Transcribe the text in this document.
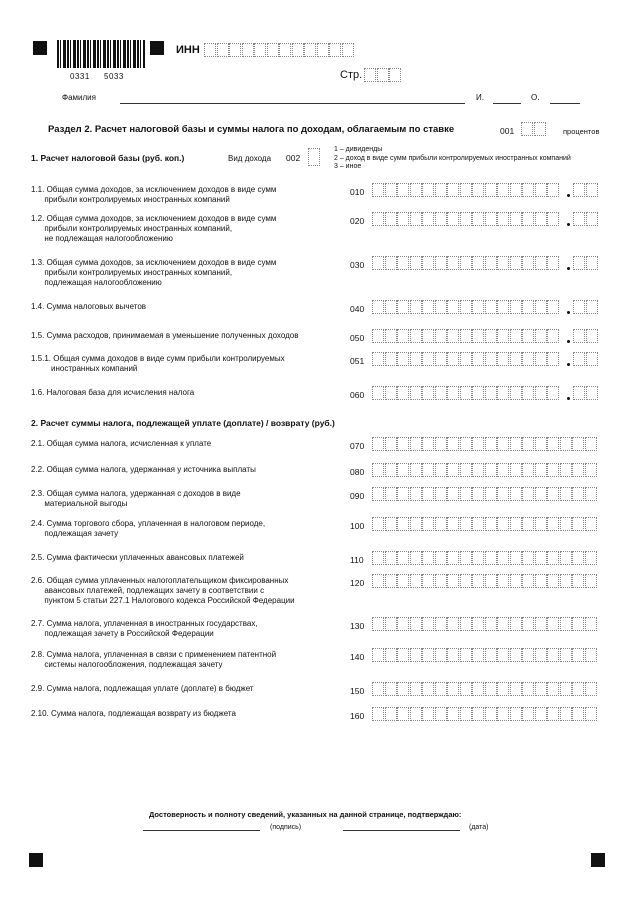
0331 5033
ИНН
Стр.
Фамилия	И.	О.
Раздел 2. Расчет налоговой базы и суммы налога по доходам, облагаемым по ставке	001	процентов
1. Расчет налоговой базы (руб. коп.)	Вид дохода 002
1 – дивиденды
2 – доход в виде сумм прибыли контролируемых иностранных компаний
3 – иное
1.1. Общая сумма доходов, за исключением доходов в виде сумм
прибыли контролируемых иностранных компаний
010
1.2. Общая сумма доходов, за исключением доходов в виде сумм
прибыли контролируемых иностранных компаний,
не подлежащая налогообложению
020
1.3. Общая сумма доходов, за исключением доходов в виде сумм
прибыли контролируемых иностранных компаний,
подлежащая налогообложению
030
1.4. Сумма налоговых вычетов	040
1.5. Сумма расходов, принимаемая в уменьшение полученных доходов	050
1.5.1. Общая сумма доходов в виде сумм прибыли контролируемых
иностранных компаний
051
1.6. Налоговая база для исчисления налога	060
2. Расчет суммы налога, подлежащей уплате (доплате) / возврату (руб.)
2.1. Общая сумма налога, исчисленная к уплате	070
2.2. Общая сумма налога, удержанная у источника выплаты	080
2.3. Общая сумма налога, удержанная с доходов в виде
материальной выгоды
090
2.4. Сумма торгового сбора, уплаченная в налоговом периоде,
подлежащая зачету
100
2.5. Сумма фактически уплаченных авансовых платежей	110
2.6. Общая сумма уплаченных налогоплательщиком фиксированных
авансовых платежей, подлежащих зачету в соответствии с
пунктом 5 статьи 227.1 Налогового кодекса Российской Федерации
120
2.7. Сумма налога, уплаченная в иностранных государствах,
подлежащая зачету в Российской Федерации
130
2.8. Сумма налога, уплаченная в связи с применением патентной
системы налогообложения, подлежащая зачету
140
2.9. Сумма налога, подлежащая уплате (доплате) в бюджет	150
2.10. Сумма налога, подлежащая возврату из бюджета	160
Достоверность и полноту сведений, указанных на данной странице, подтверждаю:
(подпись)	(дата)
